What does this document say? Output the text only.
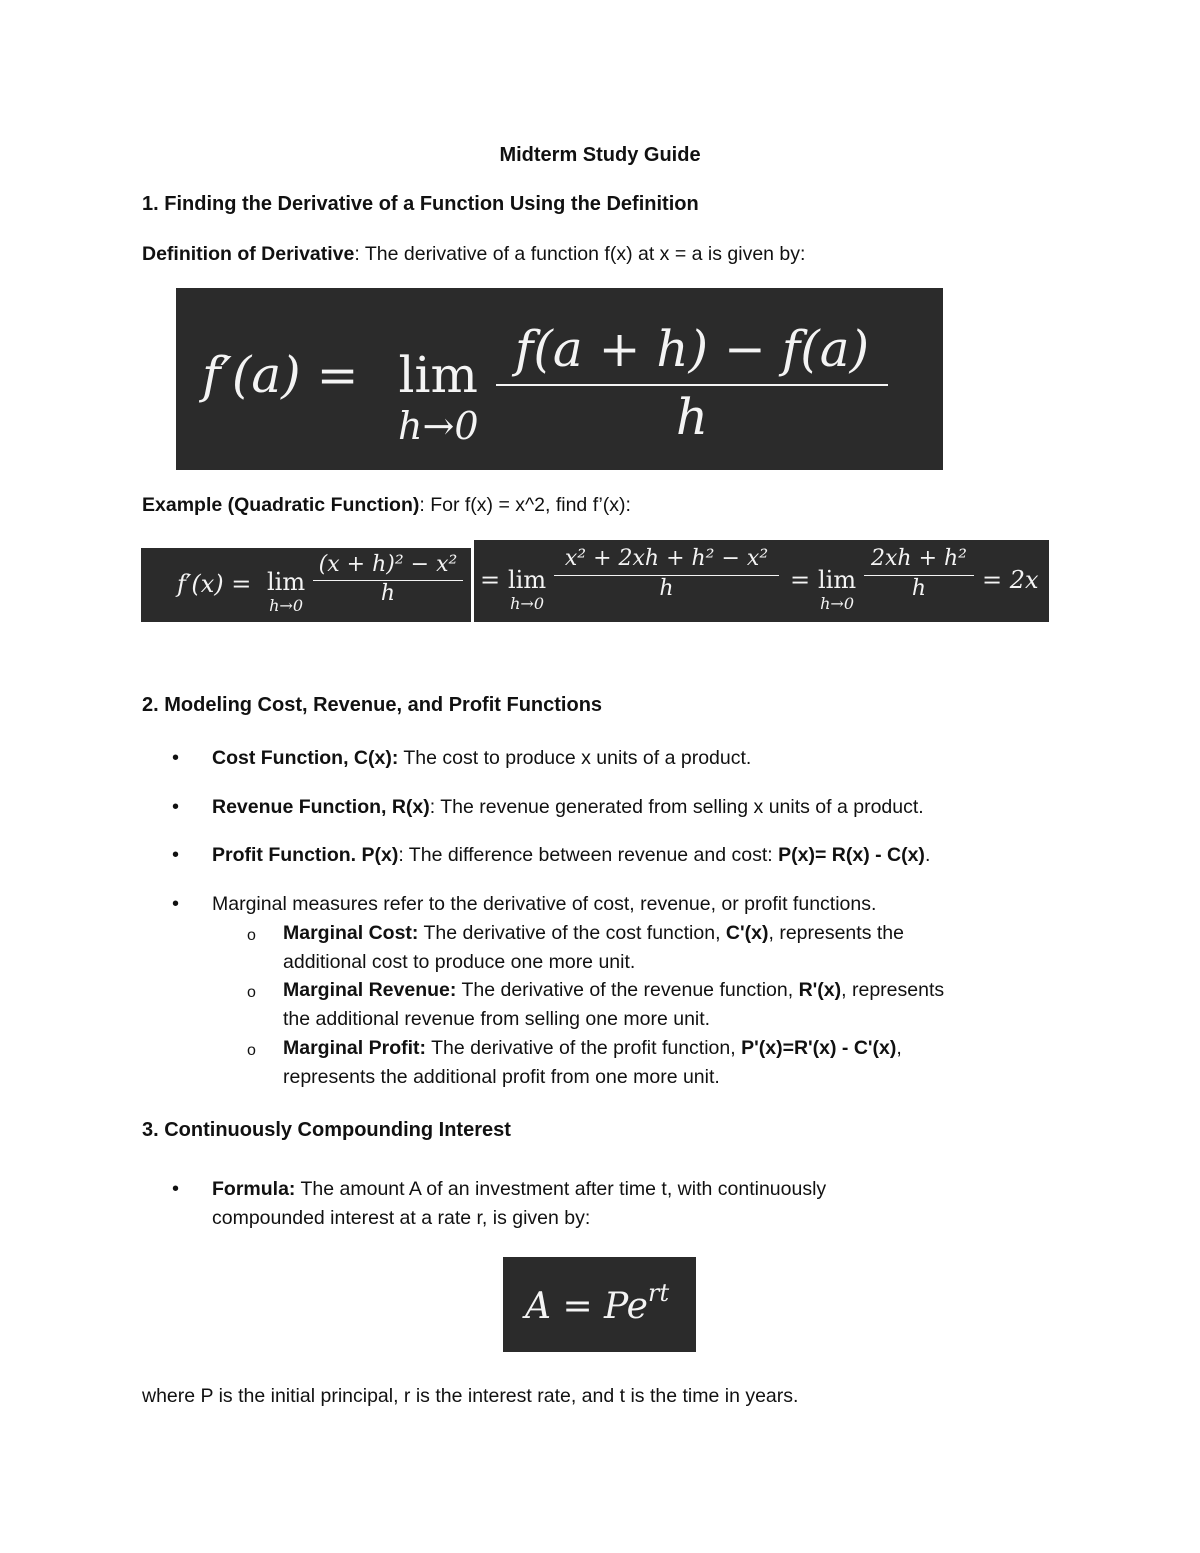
Midterm Study Guide
1. Finding the Derivative of a Function Using the Definition
Definition of Derivative: The derivative of a function f(x) at x = a is given by:
f′(a) = lim
h→0
f(a + h) − f(a)
h
Example (Quadratic Function): For f(x) = x^2, find f’(x):
f′(x) = lim
h→0
(x + h)² − x²
h	= lim
h→0
x² + 2xh + h² − x²
h	= lim
h→0
2xh + h²
h	= 2x
2. Modeling Cost, Revenue, and Profit Functions
• Cost Function, C(x): The cost to produce x units of a product.
• Revenue Function, R(x): The revenue generated from selling x units of a product.
• Profit Function. P(x): The difference between revenue and cost: P(x)= R(x) - C(x).
• Marginal measures refer to the derivative of cost, revenue, or profit functions.
o Marginal Cost: The derivative of the cost function, C'(x), represents the
additional cost to produce one more unit.
o Marginal Revenue: The derivative of the revenue function, R'(x), represents
the additional revenue from selling one more unit.
o Marginal Profit: The derivative of the profit function, P'(x)=R'(x) - C'(x),
represents the additional profit from one more unit.
3. Continuously Compounding Interest
• Formula: The amount A of an investment after time t, with continuously
compounded interest at a rate r, is given by:
$A = Pe^{rt}$
where P is the initial principal, r is the interest rate, and t is the time in years.
